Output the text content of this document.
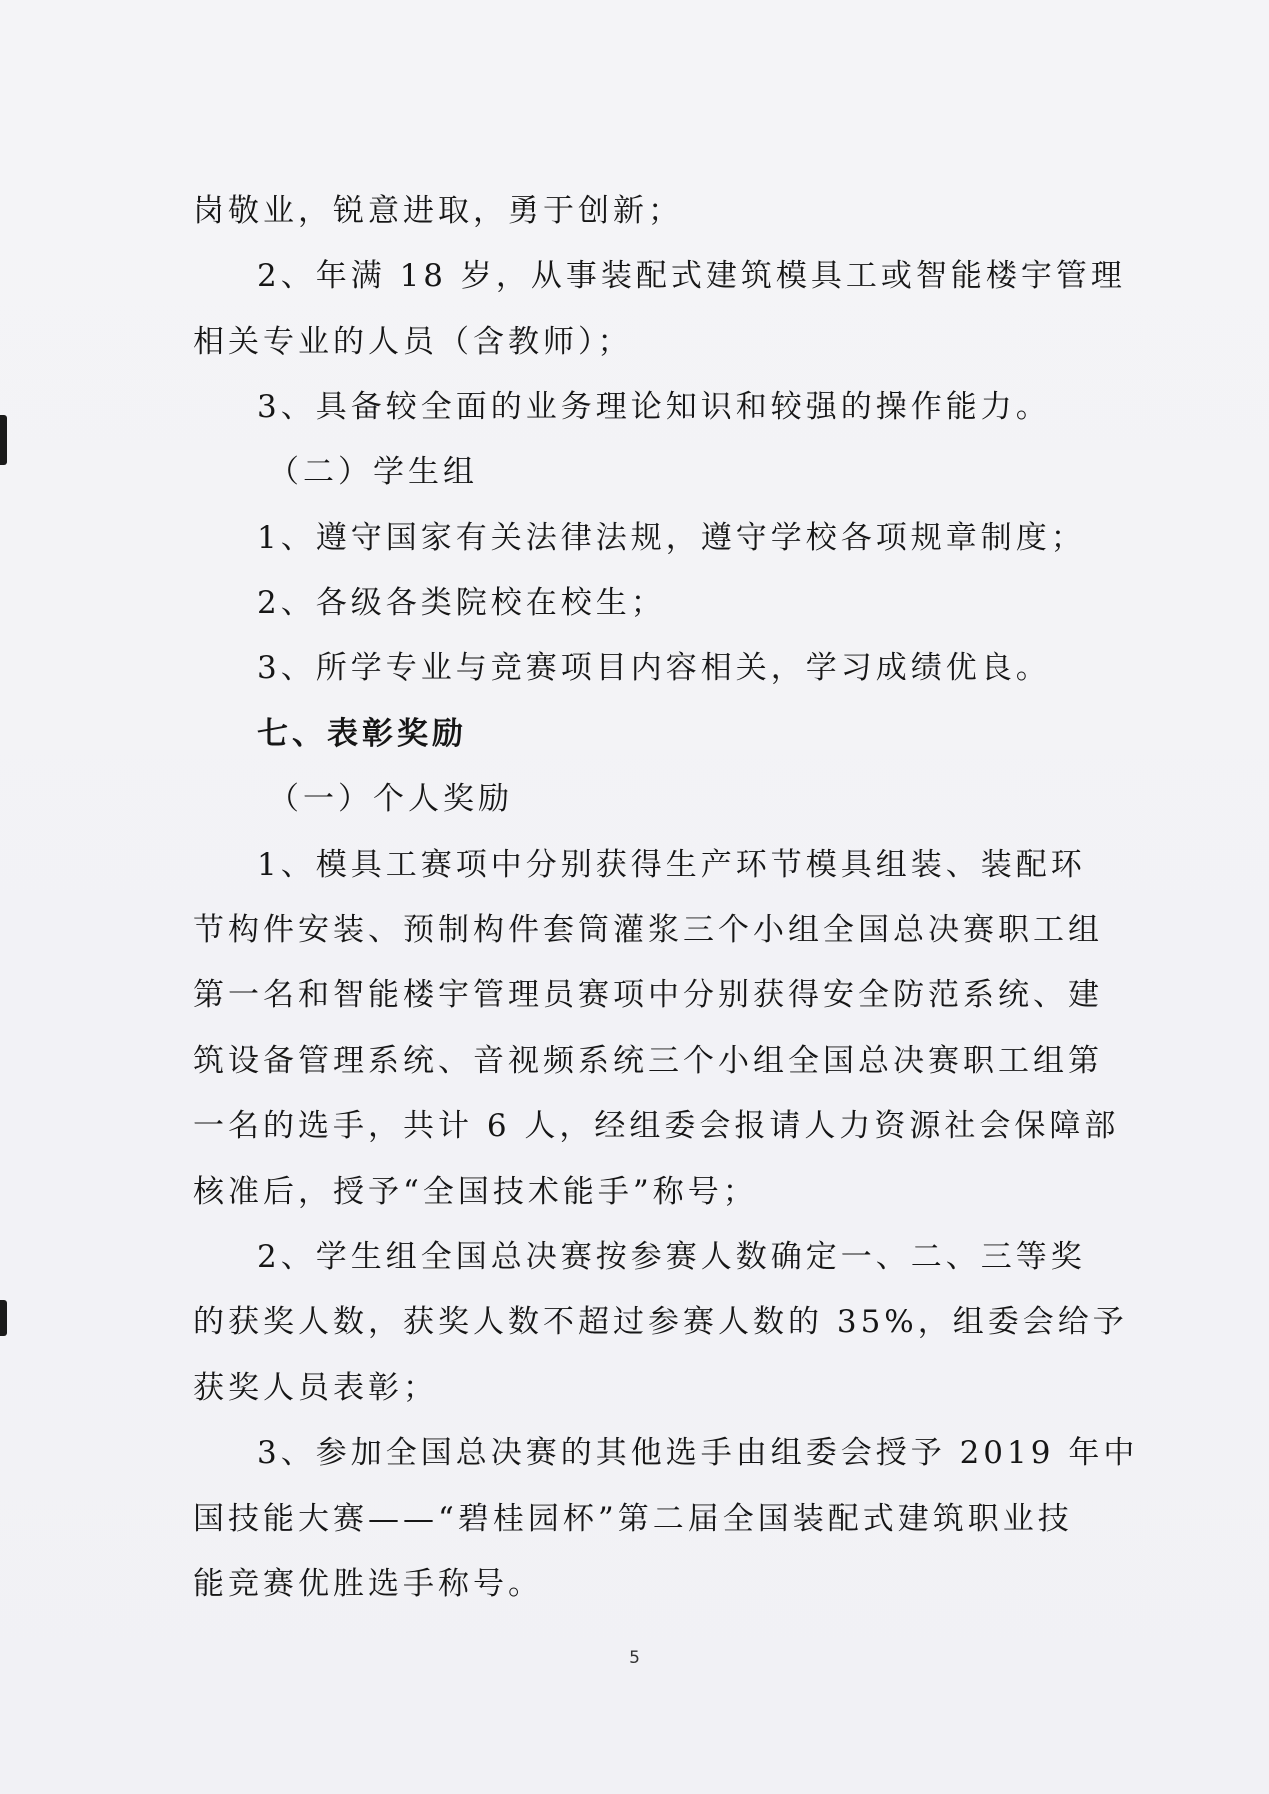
岗敬业，锐意进取，勇于创新；
2、年满 18 岁，从事装配式建筑模具工或智能楼宇管理
相关专业的人员（含教师）；
3、具备较全面的业务理论知识和较强的操作能力。
（二）学生组
1、遵守国家有关法律法规，遵守学校各项规章制度；
2、各级各类院校在校生；
3、所学专业与竞赛项目内容相关，学习成绩优良。
七、表彰奖励
（一）个人奖励
1、模具工赛项中分别获得生产环节模具组装、装配环
节构件安装、预制构件套筒灌浆三个小组全国总决赛职工组
第一名和智能楼宇管理员赛项中分别获得安全防范系统、建
筑设备管理系统、音视频系统三个小组全国总决赛职工组第
一名的选手，共计 6 人，经组委会报请人力资源社会保障部
核准后，授予“全国技术能手”称号；
2、学生组全国总决赛按参赛人数确定一、二、三等奖
的获奖人数，获奖人数不超过参赛人数的 35%，组委会给予
获奖人员表彰；
3、参加全国总决赛的其他选手由组委会授予 2019 年中
国技能大赛——“碧桂园杯”第二届全国装配式建筑职业技
能竞赛优胜选手称号。
5
